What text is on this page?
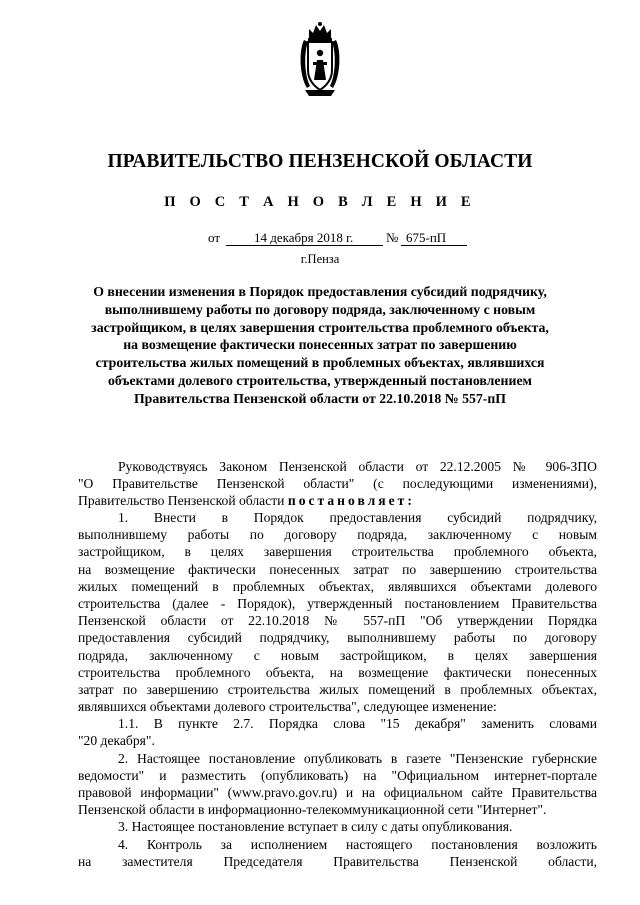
ПРАВИТЕЛЬСТВО ПЕНЗЕНСКОЙ ОБЛАСТИ
П О С Т А Н О В Л Е Н И Е
от	14 декабря 2018 г.	№ 675-пП
г.Пенза
О внесении изменения в Порядок предоставления субсидий подрядчику,
выполнившему работы по договору подряда, заключенному с новым
застройщиком, в целях завершения строительства проблемного объекта,
на возмещение фактически понесенных затрат по завершению
строительства жилых помещений в проблемных объектах, являвшихся
объектами долевого строительства, утвержденный постановлением
Правительства Пензенской области от 22.10.2018 № 557-пП
Руководствуясь Законом Пензенской области от 22.12.2005 № 906-ЗПО
"О Правительстве Пензенской области" (с последующими изменениями),
Правительство Пензенской области постановляет:
1. Внести в Порядок предоставления субсидий подрядчику,
выполнившему работы по договору подряда, заключенному с новым
застройщиком, в целях завершения строительства проблемного объекта,
на возмещение фактически понесенных затрат по завершению строительства
жилых помещений в проблемных объектах, являвшихся объектами долевого
строительства (далее - Порядок), утвержденный постановлением Правительства
Пензенской области от 22.10.2018 № 557-пП "Об утверждении Порядка
предоставления субсидий подрядчику, выполнившему работы по договору
подряда, заключенному с новым застройщиком, в целях завершения
строительства проблемного объекта, на возмещение фактически понесенных
затрат по завершению строительства жилых помещений в проблемных объектах,
являвшихся объектами долевого строительства", следующее изменение:
1.1. В пункте 2.7. Порядка слова "15 декабря" заменить словами
"20 декабря".
2. Настоящее постановление опубликовать в газете "Пензенские губернские
ведомости" и разместить (опубликовать) на "Официальном интернет-портале
правовой информации" (www.pravo.gov.ru) и на официальном сайте Правительства
Пензенской области в информационно-телекоммуникационной сети "Интернет".
3. Настоящее постановление вступает в силу с даты опубликования.
4. Контроль за исполнением настоящего постановления возложить
на заместителя Председателя Правительства Пензенской области,
